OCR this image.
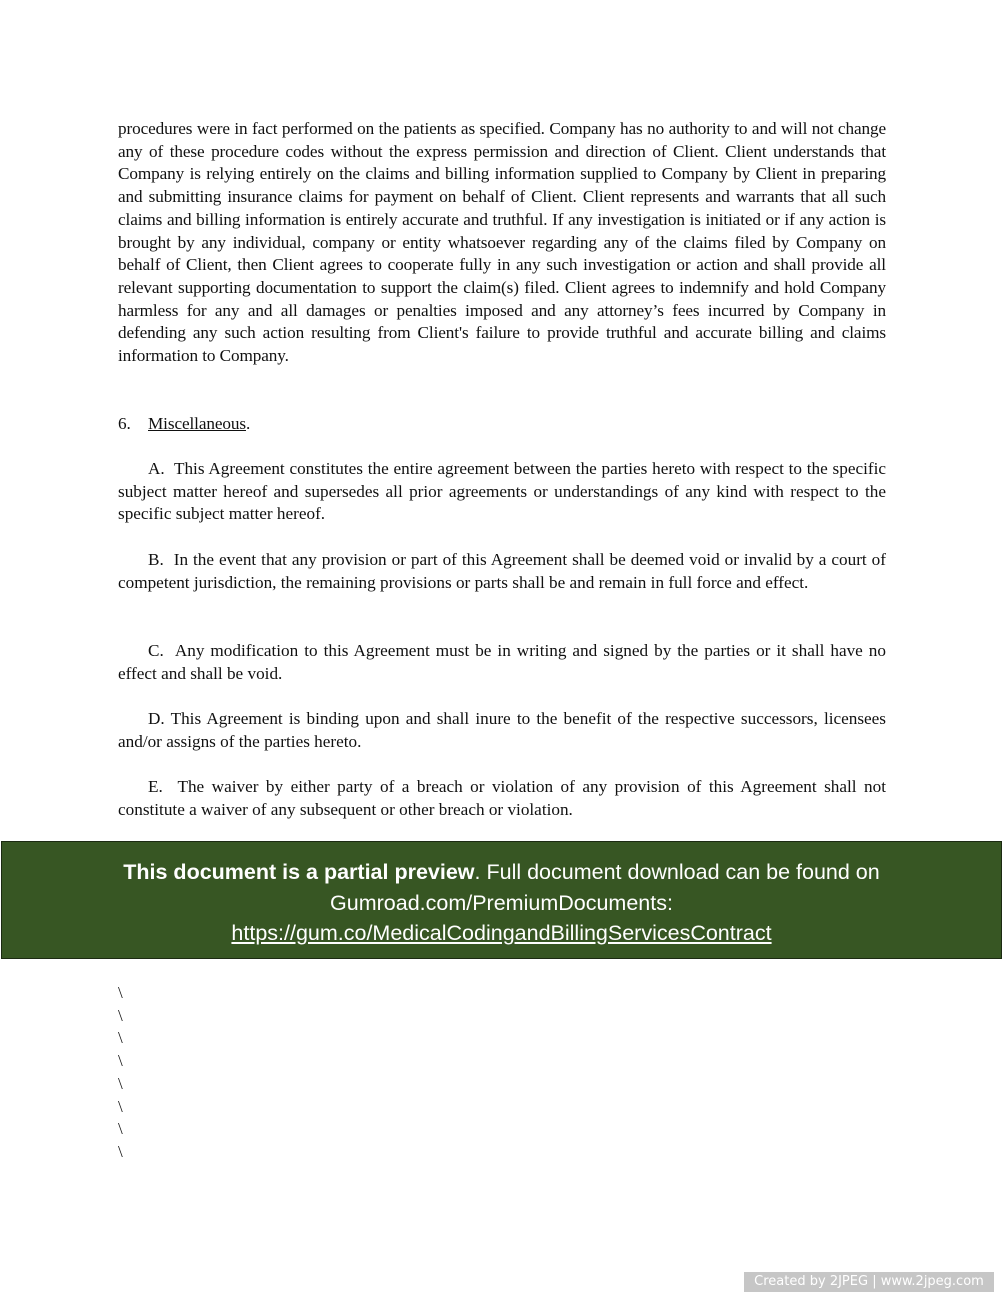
procedures were in fact performed on the patients as specified. Company has no authority to and will not change any of these procedure codes without the express permission and direction of Client. Client understands that Company is relying entirely on the claims and billing information supplied to Company by Client in preparing and submitting insurance claims for payment on behalf of Client. Client represents and warrants that all such claims and billing information is entirely accurate and truthful. If any investigation is initiated or if any action is brought by any individual, company or entity whatsoever regarding any of the claims filed by Company on behalf of Client, then Client agrees to cooperate fully in any such investigation or action and shall provide all relevant supporting documentation to support the claim(s) filed. Client agrees to indemnify and hold Company harmless for any and all damages or penalties imposed and any attorney’s fees incurred by Company in defending any such action resulting from Client's failure to provide truthful and accurate billing and claims information to Company.

6. Miscellaneous.
A. This Agreement constitutes the entire agreement between the parties hereto with respect to the specific subject matter hereof and supersedes all prior agreements or understandings of any kind with respect to the specific subject matter hereof.
B. In the event that any provision or part of this Agreement shall be deemed void or invalid by a court of competent jurisdiction, the remaining provisions or parts shall be and remain in full force and effect.
C. Any modification to this Agreement must be in writing and signed by the parties or it shall have no effect and shall be void.
D. This Agreement is binding upon and shall inure to the benefit of the respective successors, licensees and/or assigns of the parties hereto.
E. The waiver by either party of a breach or violation of any provision of this Agreement shall not constitute a waiver of any subsequent or other breach or violation.
This document is a partial preview. Full document download can be found on
Gumroad.com/PremiumDocuments:
https://gum.co/MedicalCodingandBillingServicesContract
\
\
\
\
\
\
\
\
Created by 2JPEG | www.2jpeg.com
